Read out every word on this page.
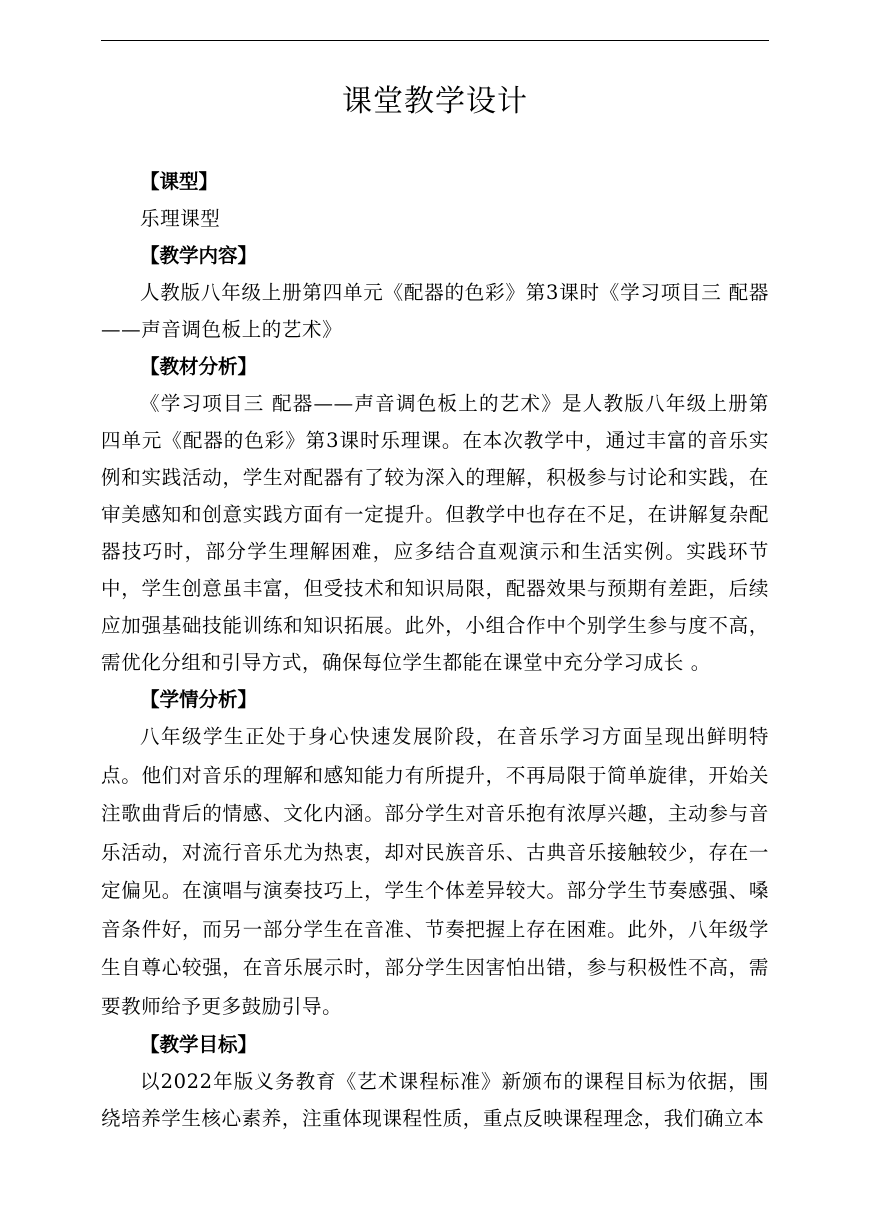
课堂教学设计

【课型】

乐理课型

【教学内容】

人教版八年级上册第四单元《配器的色彩》第3课时《学习项目三 配器——声音调色板上的艺术》

【教材分析】

《学习项目三 配器——声音调色板上的艺术》是人教版八年级上册第四单元《配器的色彩》第3课时乐理课。在本次教学中，通过丰富的音乐实例和实践活动，学生对配器有了较为深入的理解，积极参与讨论和实践，在审美感知和创意实践方面有一定提升。但教学中也存在不足，在讲解复杂配器技巧时，部分学生理解困难，应多结合直观演示和生活实例。实践环节中，学生创意虽丰富，但受技术和知识局限，配器效果与预期有差距，后续应加强基础技能训练和知识拓展。此外，小组合作中个别学生参与度不高，需优化分组和引导方式，确保每位学生都能在课堂中充分学习成长 。

【学情分析】

八年级学生正处于身心快速发展阶段，在音乐学习方面呈现出鲜明特点。他们对音乐的理解和感知能力有所提升，不再局限于简单旋律，开始关注歌曲背后的情感、文化内涵。部分学生对音乐抱有浓厚兴趣，主动参与音乐活动，对流行音乐尤为热衷，却对民族音乐、古典音乐接触较少，存在一定偏见。在演唱与演奏技巧上，学生个体差异较大。部分学生节奏感强、嗓音条件好，而另一部分学生在音准、节奏把握上存在困难。此外，八年级学生自尊心较强，在音乐展示时，部分学生因害怕出错，参与积极性不高，需要教师给予更多鼓励引导。

【教学目标】

以2022年版义务教育《艺术课程标准》新颁布的课程目标为依据，围绕培养学生核心素养，注重体现课程性质，重点反映课程理念，我们确立本
